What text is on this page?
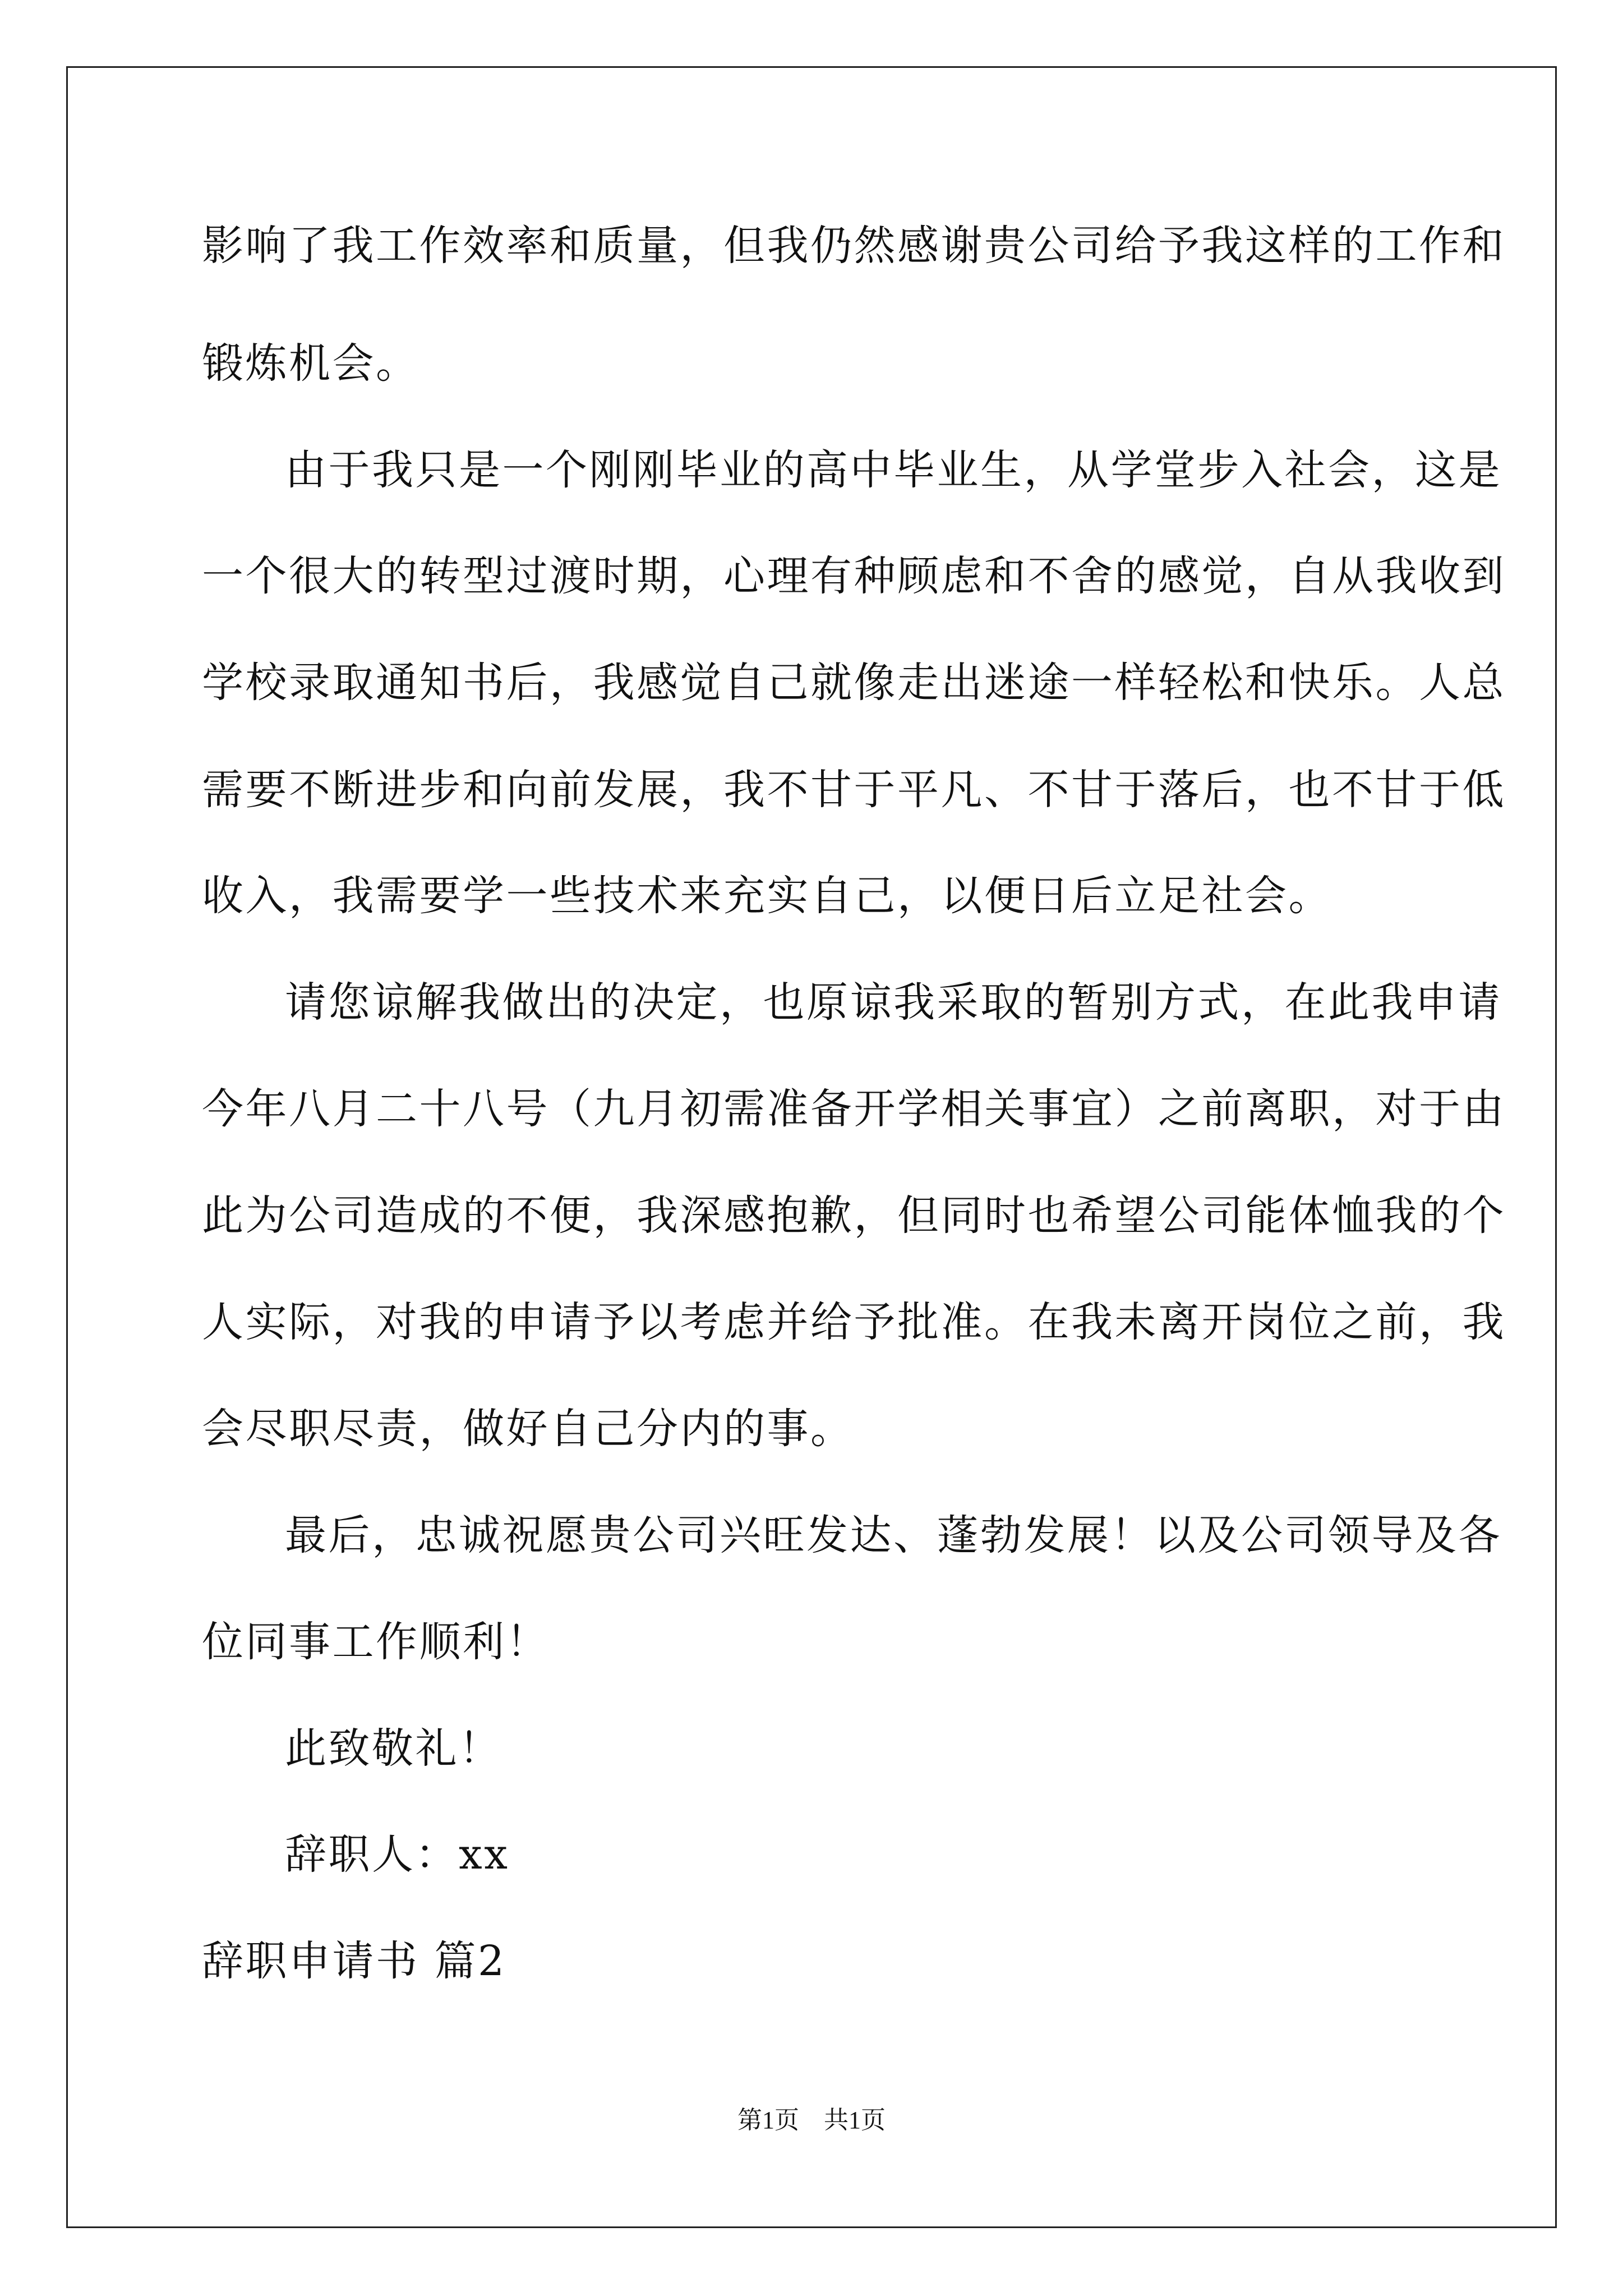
影响了我工作效率和质量，但我仍然感谢贵公司给予我这样的工作和
锻炼机会。
由于我只是一个刚刚毕业的高中毕业生，从学堂步入社会，这是
一个很大的转型过渡时期，心理有种顾虑和不舍的感觉，自从我收到
学校录取通知书后，我感觉自己就像走出迷途一样轻松和快乐。人总
需要不断进步和向前发展，我不甘于平凡、不甘于落后，也不甘于低
收入，我需要学一些技术来充实自己，以便日后立足社会。
请您谅解我做出的决定，也原谅我采取的暂别方式，在此我申请
今年八月二十八号（九月初需准备开学相关事宜）之前离职，对于由
此为公司造成的不便，我深感抱歉，但同时也希望公司能体恤我的个
人实际，对我的申请予以考虑并给予批准。在我未离开岗位之前，我
会尽职尽责，做好自己分内的事。
最后，忠诚祝愿贵公司兴旺发达、蓬勃发展！以及公司领导及各
位同事工作顺利！
此致敬礼！
辞职人：xx
辞职申请书 篇2
第1页　共1页
